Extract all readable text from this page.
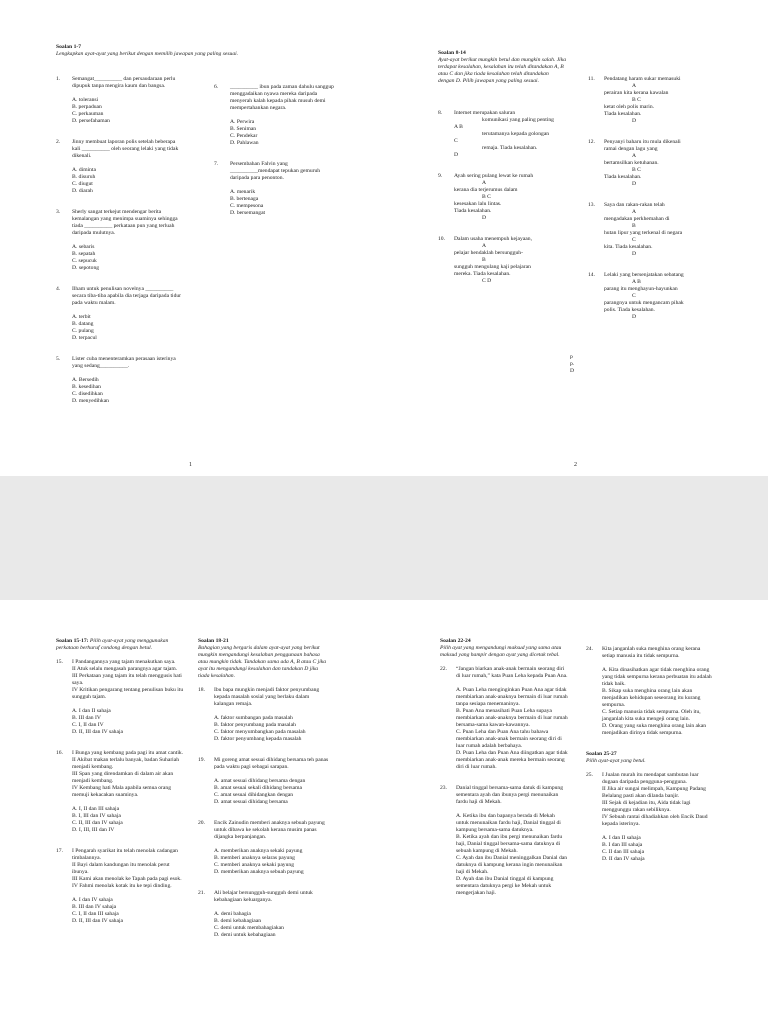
Soalan 1-7

Lengkapkan ayat-ayat yang berikut dengan memilih jawapan yang paling sesuai.

1. Semangat__________ dan persaudaraan perlu dipupuk tanpa mengira kaum dan bangsa.
A. toleransi
B. perpaduan
C. perkauman
D. persefahaman
2. Jinny membuat laporan polis setelah beberapa kali __________ oleh seorang lelaki yang tidak dikenali.
A. diminta
B. disuruh
C. diugut
D. diarah
3. Sherly sangat terkejut mendengar berita kemalangan yang menimpa suaminya sehingga tiada __________ perkataan pun yang terluah daripada mulutnya.
A. sebaris
B. sepatah
C. sepucuk
D. sepotong
4. Ilham untuk penulisan novelnya __________ secara tiba-tiba apabila dia terjaga daripada tidur pada waktu malam.
A. terbit
B. datang
C. pulang
D. terpacul
5. Lister cuba menenteramkan perasaan isterinya yang sedang__________.
A. Bersedih
B. kesedihan
C. disedihkan
D. menyedihkan
6. __________ ibun pada zaman dahulu sanggup menggadaikan nyawa mereka daripada menyerah kalah kepada pihak musuh demi mempertahankan negara.
A. Perwira
B. Seniman
C. Pendekar
D. Pahlawan
7. Persembahan Falvin yang __________mendapat tepukan gemuruh daripada para penonton.
A. menarik
B. bertenaga
C. mempesona
D. bersemangat
1

Soalan 8-14

Ayat-ayat berikut mungkin betul dan mungkin salah. Jika terdapat kesalahan, kesalahan itu telah ditandakan A, B atau C dan jika tiada kesalahan telah ditandakan dengan D. Pilih jawapan yang paling sesuai.

8. Internet merupakan saluran
komunikasi yang paling penting
A B
terutamanya kepada golongan
C
remaja. Tiada kesalahan.
D
9. Ayah sering pulang lewat ke rumah
A
kerana dia terjerumus dalam
B C
kesesakan lalu lintas.
Tiada kesalahan.
D
10. Dalam usaha menempuh kejayaan,
A
pelajar hendaklah bersungguh-
B
sungguh mengulang kaji pelajaran
mereka. Tiada kesalahan.
C D
11. Pendatang haram sukar memasuki
A
perairan kita kerana kawalan
B C
ketat oleh polis marin.
Tiada kesalahan.
D
12. Penyanyi baharu itu mula dikenali
ramai dengan lagu yang
A
bertamsilkan ketuhanan.
B C
Tiada kesalahan.
D
13. Saya dan rakan-rakan telah
A
mengadakan perkhemahan di
B
hutan lipur yang terkenal di negara
C
kita. Tiada kesalahan.
D
14. Lelaki yang bersenjatakan sebatang
A B
parang itu menghayun-hayunkan
C
parangnya untuk mengancam pihak
polis. Tiada kesalahan.
D
p
p.
D
2

Soalan 15-17: Pilih ayat-ayat yang menggunakan perkataan berhuruf condong dengan betul.

15. I Pandangannya yang tajam menakutkan saya.
II Atuk selalu mengasah parangnya agar tajam.
III Perkataan yang tajam itu telah menggusis hati saya.
IV Kritikan pengarang tentang penulisan buku itu sungguh tajam.
A. I dan II sahaja
B. III dan IV
C. I, II dan IV
D. II, III dan IV sahaja
16. I Bunga yang kembang pada pagi itu amat cantik.
II Akibat makan terlalu banyak, badan Suhariah menjadi kembang.
III Span yang direndamkan di dalam air akan menjadi kembang.
IV Kembang hati Mala apabila semua orang memuji kekacakan suaminya.
A. I, II dan III sahaja
B. I, III dan IV sahaja
C. II, III dan IV sahaja
D. I, III, III dan IV
17. I Pengarah syarikat itu telah menolak cadangan timbalannya.
II Bayi dalam kandungan itu menolak perut ibunya.
III Kami akan menolak ke Tapah pada pagi esok.
IV Fahmi menolak kotak itu ke tepi dinding.
A. I dan IV sahaja
B. III dan IV sahaja
C. I, II dan III sahaja
D. II, III dan IV sahaja

Soalan 18-21

Bahagian yang bergaris dalam ayat-ayat yang berikut mungkin mengandungi kesalahan penggunaan bahasa atau mungkin tidak. Tandakan sama ada A, B atau C jika ayat itu mengandungi kesalahan dan tandakan D jika tiada kesalahan.

18. Ibu bapa mungkin menjadi faktor penyumbang kepada masalah sosial yang berlaku dalam kalangan remaja.
A. faktor sumbangan pada masalah
B. faktor penyumbang pada masalah
C. faktor menyumbangkan pada masalah
D. faktor penyumbang kepada masalah
19. Mi goreng amat sesuai dihidang bersama teh panas pada waktu pagi sebagai sarapan.
A. amat sesuai dihidang bersama dengan
B. amat sesuai sekali dihidang bersama
C. amat sesuai dihidangkan dengan
D. amat sesuai dihidang bersama
20. Encik Zainudin memberi anaknya sebuah payung untuk dibawa ke sekolah kerana musim panas dijangka berpanjangan.
A. memberikan anaknya sekaki payung
B. memberi anaknya selaras payung
C. memberi anaknya sekaki payung
D. memberikan anaknya sebuah payung
21. Ali belajar bersungguh-sungguh demi untuk kebahagiaan keluarganya.
A. demi bahagia
B. demi kebahagiaan
C. demi untuk membahagiakan
D. demi untuk kebahagiaan

Soalan 22-24

Pilih ayat yang mengandungi maksud yang sama atau maksud yang hampir dengan ayat yang dicetak tebal.

22. “Jangan biarkan anak-anak bermain seorang diri di luar rumah,” kata Puan Leha kepada Puan Ana.
A. Puan Leha menginginkan Puan Ana agar tidak membiarkan anak-anaknya bermain di luar rumah tanpa sesiapa menemaninya.
B. Puan Ana menasihati Puan Leha supaya membiarkan anak-anaknya bermain di luar rumah bersama-sama kawan-kawannya.
C. Puan Leha dan Puan Ana tahu bahawa membiarkan anak-anak bermain seorang diri di luar rumah adalah berbahaya.
D. Puan Leha dan Puan Ana diingatkan agar tidak membiarkan anak-anak mereka bermain seorang diri di luar rumah.
23. Danial tinggal bersama-sama datuk di kampung sementara ayah dan ibunya pergi menunaikan fardu haji di Mekah.
A. Ketika ibu dan bapanya berada di Mekah untuk menunaikan fardu haji, Danial tinggal di kampung bersama-sama datuknya.
B. Ketika ayah dan ibu pergi menunaikan fardu haji, Danial tinggal bersama-sama datuknya di sebuah kampung di Mekah.
C. Ayah dan ibu Danial meninggalkan Danial dan datuknya di kampung kerana ingin menunaikan haji di Mekah.
D. Ayah dan ibu Danial tinggal di kampung sementara datuknya pergi ke Mekah untuk mengerjakan haji.
24. Kita janganlah suka menghina orang kerana setiap manusia itu tidak sempurna.
A. Kita dinasihatkan agar tidak menghina orang yang tidak sempurna kerana perbuatan itu adalah tidak baik.
B. Sikap suka menghina orang lain akan menjadikan kehidupan seseorang itu kurang sempurna.
C. Setiap manusia tidak sempurna. Oleh itu, janganlah kita suka mengeji orang lain.
D. Orang yang suka menghina orang lain akan menjadikan dirinya tidak sempurna.

Soalan 25-27

Pilih ayat-ayat yang betul.

25. I Jualan murah itu mendapat sambutan luar dugaan daripada pengguna-pengguna.
II Jika air sungai melimpah, Kampung Padang Belalang pasti akan dilanda banjir.
III Sejak di kejadian itu, Aida tidak lagi menggunggu rakan sebiliknya.
IV Sebuah rantai dihadiahkan oleh Encik Daud kepada isterinya.
A. I dan II sahaja
B. I dan III sahaja
C. II dan III sahaja
D. II dan IV sahaja
